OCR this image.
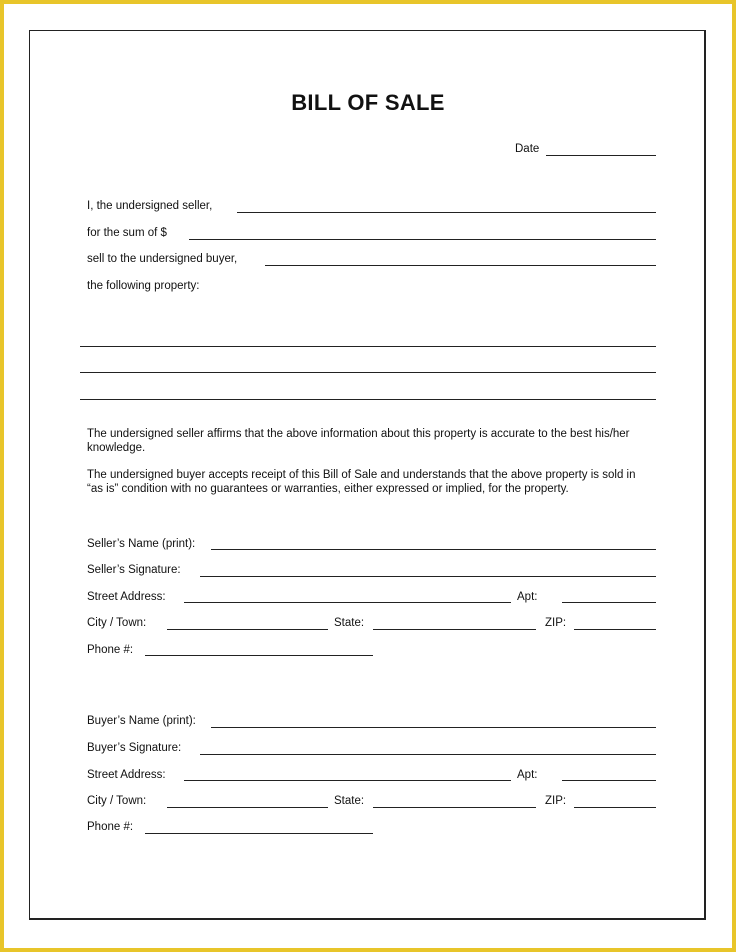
BILL OF SALE
Date
I, the undersigned seller,
for the sum of $
sell to the undersigned buyer,
the following property:
The undersigned seller affirms that the above information about this property is accurate to the best his/her knowledge.
The undersigned buyer accepts receipt of this Bill of Sale and understands that the above property is sold in “as is” condition with no guarantees or warranties, either expressed or implied, for the property.
Seller’s Name (print):
Seller’s Signature:
Street Address:	Apt:
City / Town:	State:	ZIP:
Phone #:
Buyer’s Name (print):
Buyer’s Signature:
Street Address:	Apt:
City / Town:	State:	ZIP:
Phone #:
